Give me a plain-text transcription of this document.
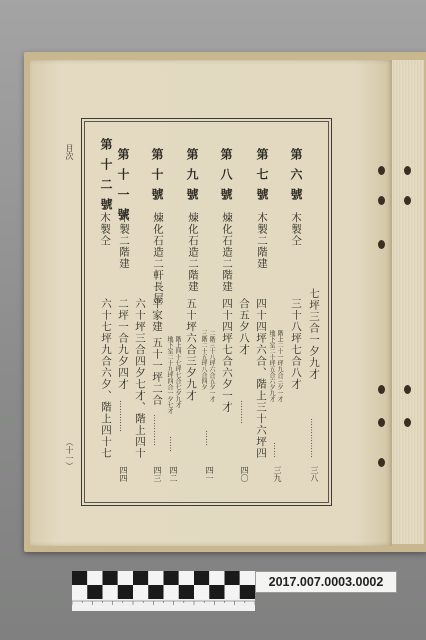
目次
（十一）
第六號
木製仝
七坪三合一夕九才
……………
三八
第七號
木製二階建
三十八坪七合八才
階上二十一坪九合三夕一才
地下室二十坪五合六夕九才
……
三九
第八號
煉化石造二階建
四十四坪六合、階上三十六坪四
合五夕八才
………
四〇
第九號
煉化石造二階建
四十四坪七合六夕一才
二階三十八坪六合五夕一才
三階二十五坪八合四夕
……
四一
第十號
煉化石造二軒長屋
五十坪六合三夕九才
階上四十七坪七合七夕九才
地下室二十九坪四合一夕七才
……
四二
第十一號
木製二階建
平家建 五十一坪二合
…………
四三
六十坪三合四夕七才、階上四十
二坪一合九夕四才
…………
四四
第十二號
木製仝
六十七坪九合六夕、階上四十七
2017.007.0003.0002
